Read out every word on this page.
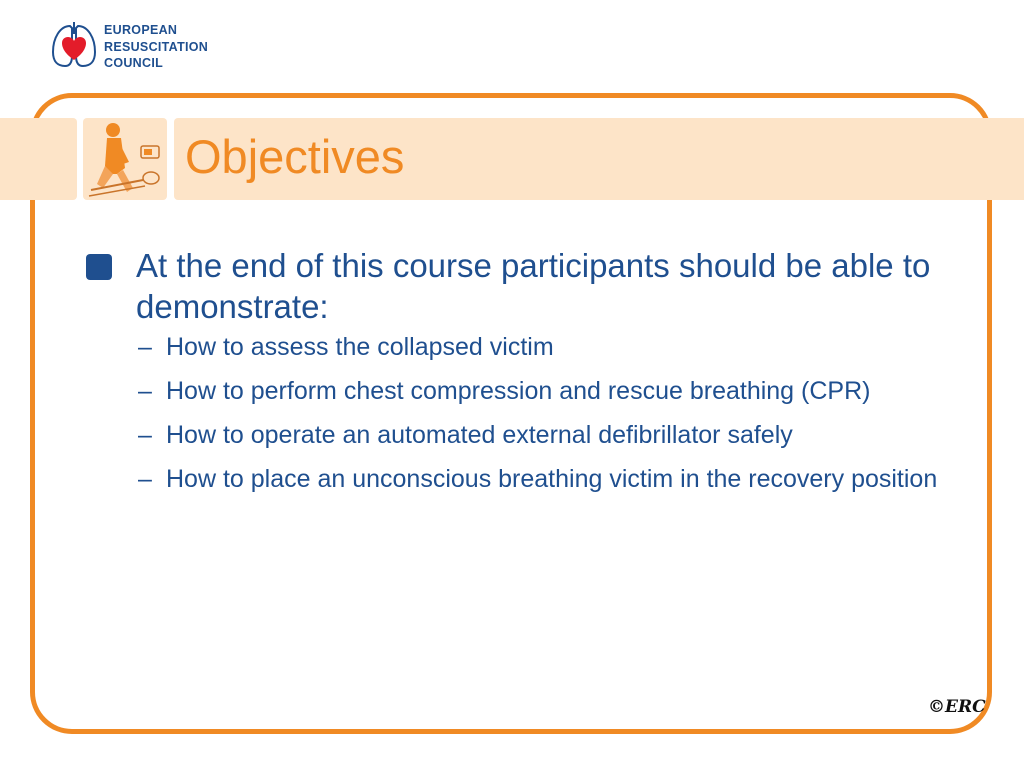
EUROPEAN
RESUSCITATION
COUNCIL
Objectives
At the end of this course participants should be able to demonstrate:
– How to assess the collapsed victim
– How to perform chest compression and rescue breathing (CPR)
– How to operate an automated external defibrillator safely
– How to place an unconscious breathing victim in the recovery position
©ERC
